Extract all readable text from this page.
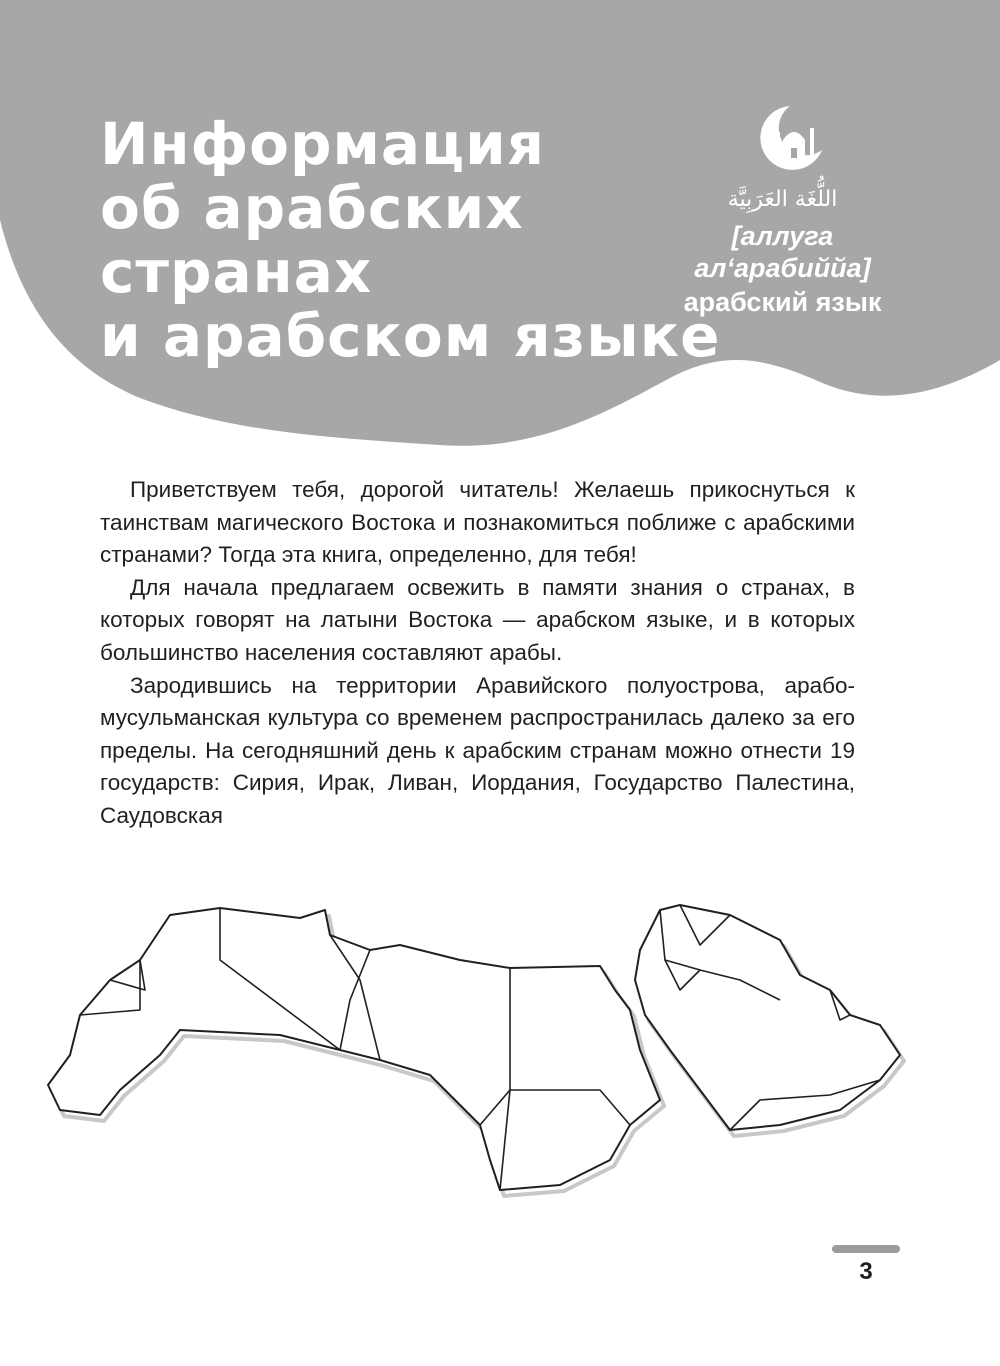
Информация
об арабских
странах
и арабском языке
اللُّغَة العَرَبِيَّة
[аллуга
ал‘арабиййа]
арабский язык

Приветствуем тебя, дорогой читатель! Желаешь прикоснуться к таинствам магического Востока и познакомиться поближе с арабскими странами? Тогда эта книга, определенно, для тебя!

Для начала предлагаем освежить в памяти знания о странах, в которых говорят на латыни Востока — арабском языке, и в которых большинство населения составляют арабы.

Зародившись на территории Аравийского полуострова, арабо-мусульманская культура со временем распространилась далеко за его пределы. На сегодняшний день к арабским странам можно отнести 19 государств: Сирия, Ирак, Ливан, Иордания, Государство Палестина, Саудовская

3
